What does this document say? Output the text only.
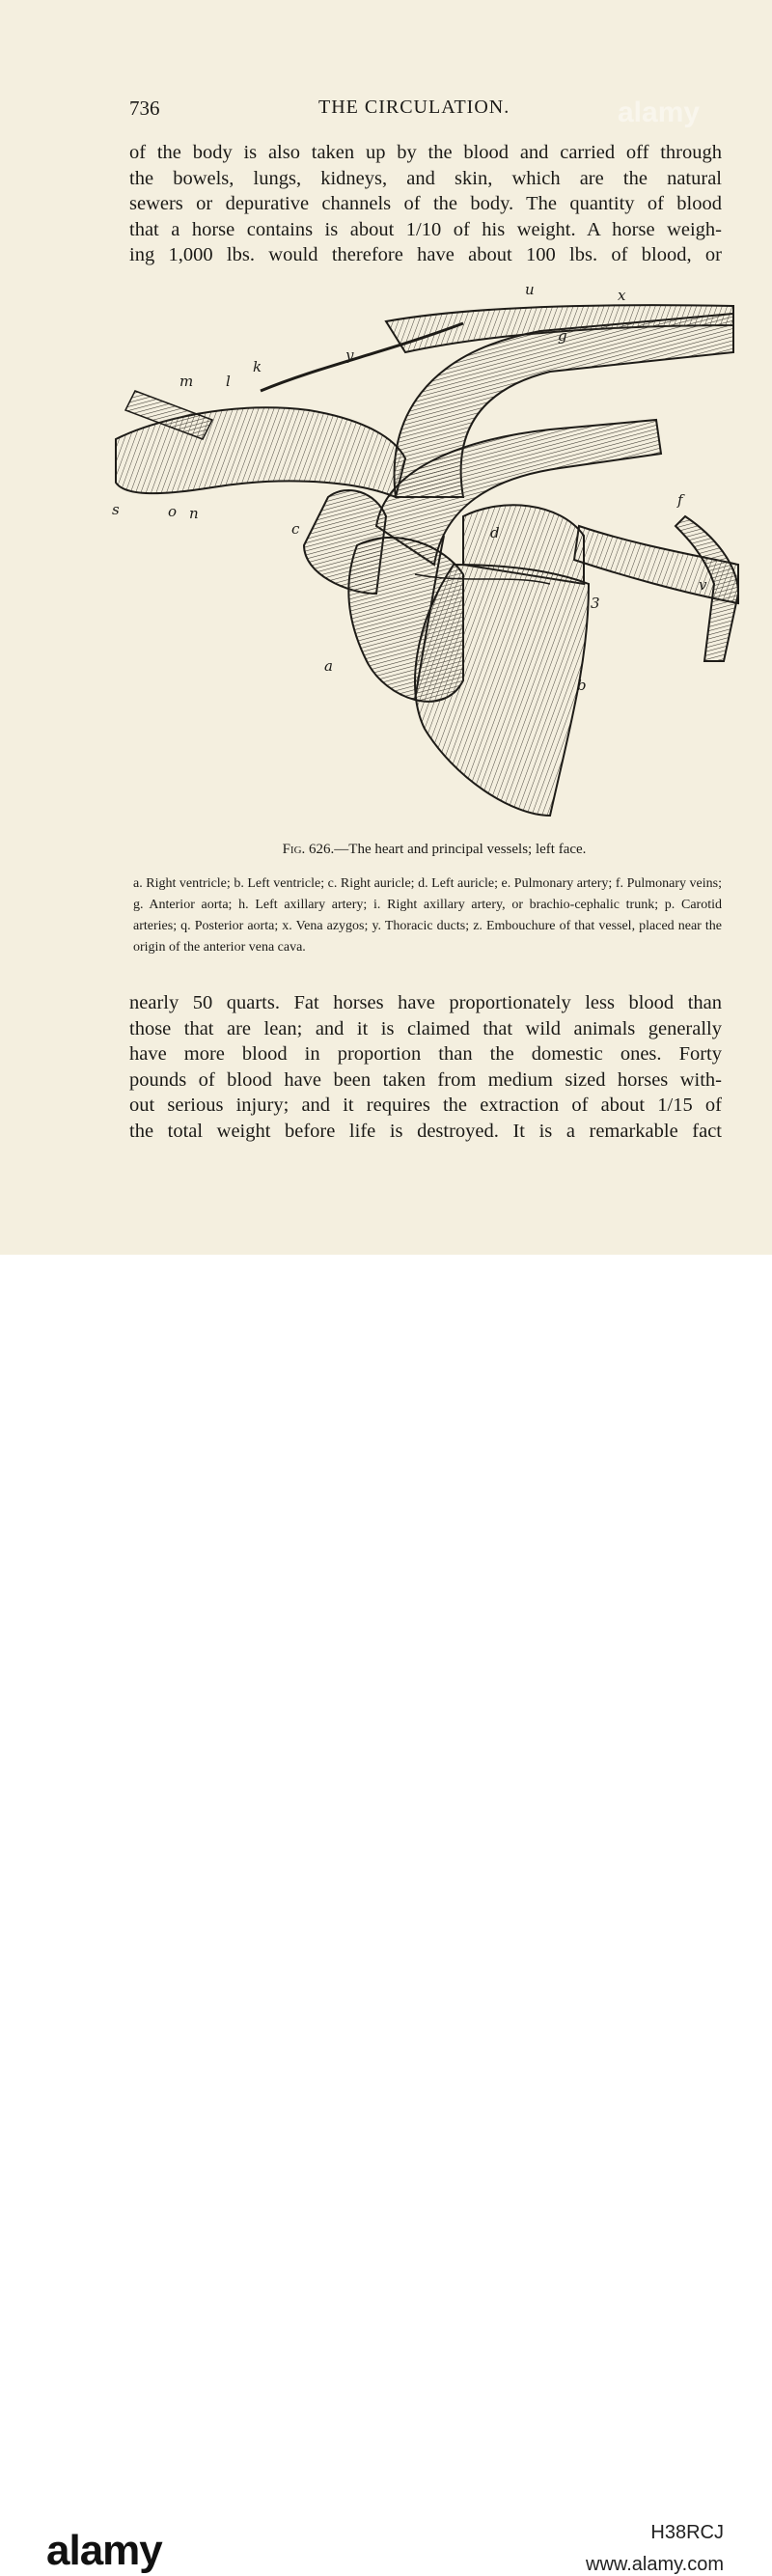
alamy
736	THE CIRCULATION.
of the body is also taken up by the blood and carried off through
the bowels, lungs, kidneys, and skin, which are the natural
sewers or depurative channels of the body. The quantity of blood
that a horse contains is about 1/10 of his weight. A horse weigh-
ing 1,000 lbs. would therefore have about 100 lbs. of blood, or
m l
k
y
u	x
g
c	d
f
o n
s
a
b
3
v
Fig. 626.—The heart and principal vessels; left face.
a. Right ventricle; b. Left ventricle; c. Right auricle; d. Left auricle; e. Pulmonary artery; f. Pulmonary veins; g. Anterior aorta; h. Left axillary artery; i. Right axillary artery, or brachio-cephalic trunk; p. Carotid arteries; q. Posterior aorta; x. Vena azygos; y. Thoracic ducts; z. Embouchure of that vessel, placed near the origin of the anterior vena cava.
nearly 50 quarts. Fat horses have proportionately less blood than
those that are lean; and it is claimed that wild animals generally
have more blood in proportion than the domestic ones. Forty
pounds of blood have been taken from medium sized horses with-
out serious injury; and it requires the extraction of about 1/15 of
the total weight before life is destroyed. It is a remarkable fact
alamy	H38RCJ
www.alamy.com
